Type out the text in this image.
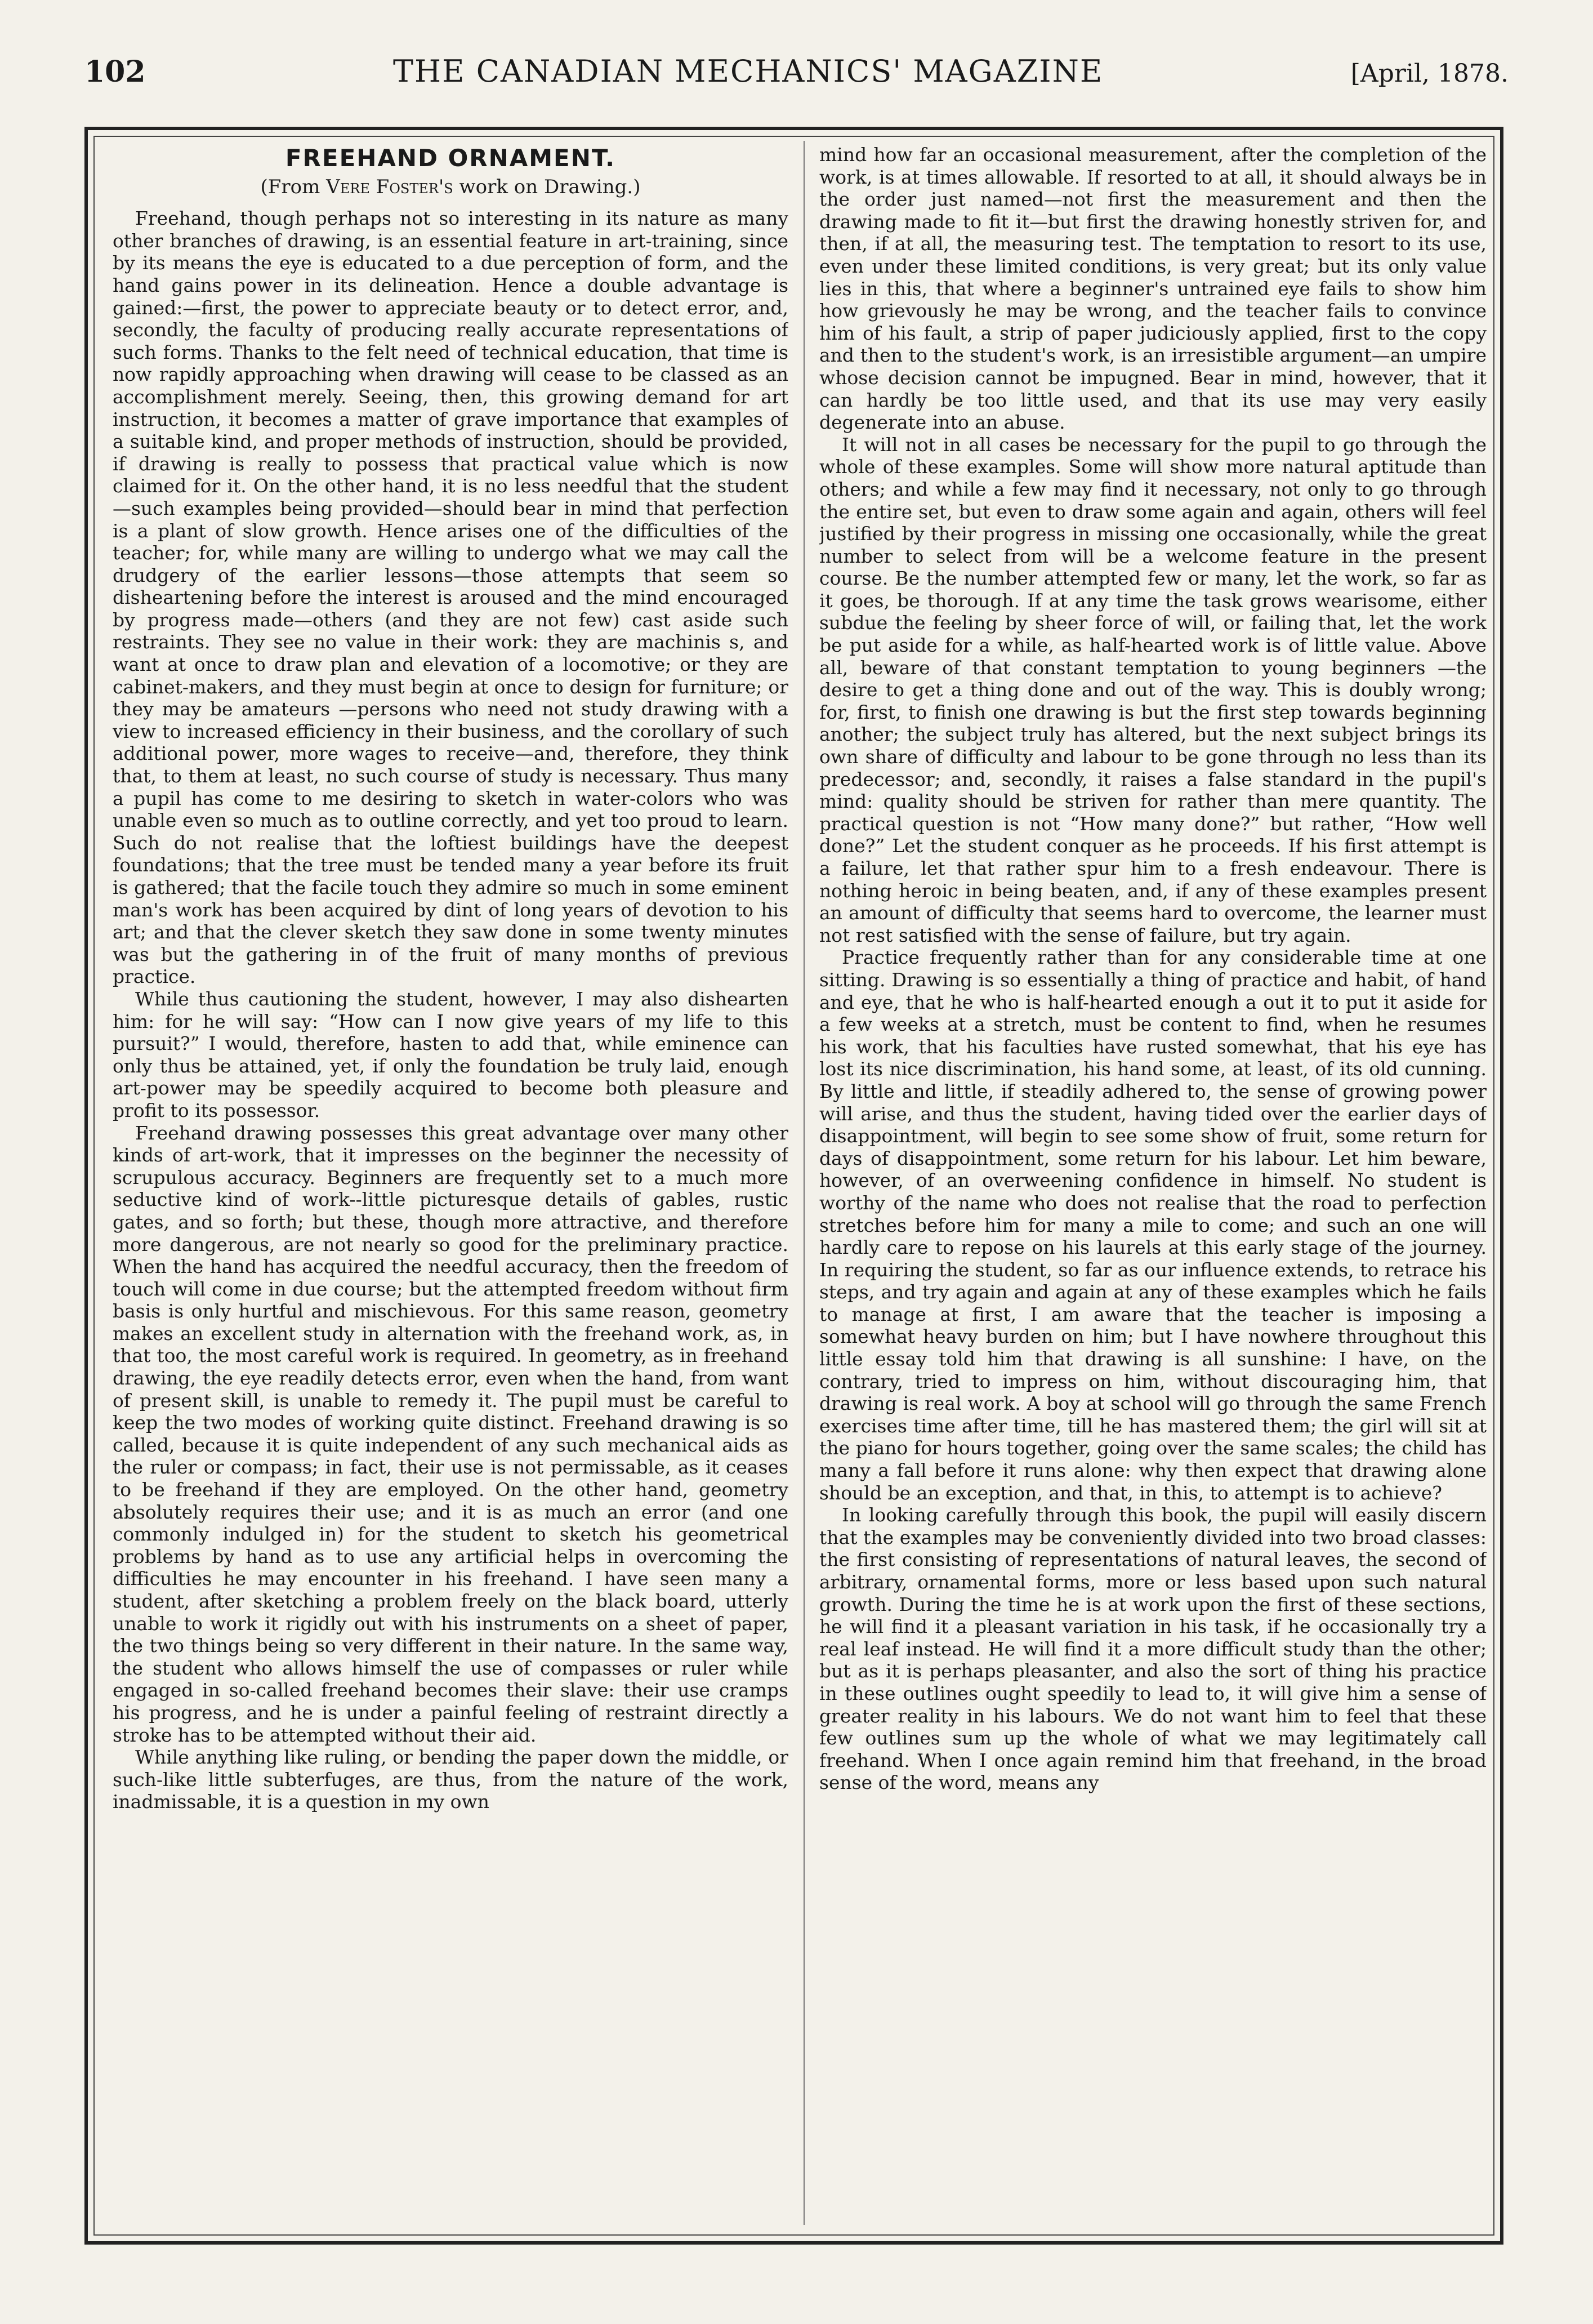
102	THE CANADIAN MECHANICS' MAGAZINE	[April, 1878.
FREEHAND ORNAMENT.
(From Vere Foster's work on Drawing.)

Freehand, though perhaps not so interesting in its nature as many other branches of drawing, is an essential feature in art-training, since by its means the eye is educated to a due perception of form, and the hand gains power in its delineation. Hence a double advantage is gained:—first, the power to appreciate beauty or to detect error, and, secondly, the faculty of producing really accurate representations of such forms. Thanks to the felt need of technical education, that time is now rapidly approaching when drawing will cease to be classed as an accomplishment merely. Seeing, then, this growing demand for art instruction, it becomes a matter of grave importance that examples of a suitable kind, and proper methods of instruction, should be provided, if drawing is really to possess that practical value which is now claimed for it. On the other hand, it is no less needful that the student—such examples being provided—should bear in mind that perfection is a plant of slow growth. Hence arises one of the difficulties of the teacher; for, while many are willing to undergo what we may call the drudgery of the earlier lessons—those attempts that seem so disheartening before the interest is aroused and the mind encouraged by progress made—others (and they are not few) cast aside such restraints. They see no value in their work: they are machinis s, and want at once to draw plan and elevation of a locomotive; or they are cabinet-makers, and they must begin at once to design for furniture; or they may be amateurs —persons who need not study drawing with a view to increased efficiency in their business, and the corollary of such additional power, more wages to receive—and, therefore, they think that, to them at least, no such course of study is necessary. Thus many a pupil has come to me desiring to sketch in water-colors who was unable even so much as to outline correctly, and yet too proud to learn. Such do not realise that the loftiest buildings have the deepest foundations; that the tree must be tended many a year before its fruit is gathered; that the facile touch they admire so much in some eminent man's work has been acquired by dint of long years of devotion to his art; and that the clever sketch they saw done in some twenty minutes was but the gathering in of the fruit of many months of previous practice.

While thus cautioning the student, however, I may also dishearten him: for he will say: “How can I now give years of my life to this pursuit?” I would, therefore, hasten to add that, while eminence can only thus be attained, yet, if only the foundation be truly laid, enough art-power may be speedily acquired to become both pleasure and profit to its possessor.

Freehand drawing possesses this great advantage over many other kinds of art-work, that it impresses on the beginner the necessity of scrupulous accuracy. Beginners are frequently set to a much more seductive kind of work--little picturesque details of gables, rustic gates, and so forth; but these, though more attractive, and therefore more dangerous, are not nearly so good for the preliminary practice. When the hand has acquired the needful accuracy, then the freedom of touch will come in due course; but the attempted freedom without firm basis is only hurtful and mischievous. For this same reason, geometry makes an excellent study in alternation with the freehand work, as, in that too, the most careful work is required. In geometry, as in freehand drawing, the eye readily detects error, even when the hand, from want of present skill, is unable to remedy it. The pupil must be careful to keep the two modes of working quite distinct. Freehand drawing is so called, because it is quite independent of any such mechanical aids as the ruler or compass; in fact, their use is not permissable, as it ceases to be freehand if they are employed. On the other hand, geometry absolutely requires their use; and it is as much an error (and one commonly indulged in) for the student to sketch his geometrical problems by hand as to use any artificial helps in overcoming the difficulties he may encounter in his freehand. I have seen many a student, after sketching a problem freely on the black board, utterly unable to work it rigidly out with his instruments on a sheet of paper, the two things being so very different in their nature. In the same way, the student who allows himself the use of compasses or ruler while engaged in so-called freehand becomes their slave: their use cramps his progress, and he is under a painful feeling of restraint directly a stroke has to be attempted without their aid.

While anything like ruling, or bending the paper down the middle, or such-like little subterfuges, are thus, from the nature of the work, inadmissable, it is a question in my own

mind how far an occasional measurement, after the completion of the work, is at times allowable. If resorted to at all, it should always be in the order just named—not first the measurement and then the drawing made to fit it—but first the drawing honestly striven for, and then, if at all, the measuring test. The temptation to resort to its use, even under these limited conditions, is very great; but its only value lies in this, that where a beginner's untrained eye fails to show him how grievously he may be wrong, and the teacher fails to convince him of his fault, a strip of paper judiciously applied, first to the copy and then to the student's work, is an irresistible argument—an umpire whose decision cannot be impugned. Bear in mind, however, that it can hardly be too little used, and that its use may very easily degenerate into an abuse.

It will not in all cases be necessary for the pupil to go through the whole of these examples. Some will show more natural aptitude than others; and while a few may find it necessary, not only to go through the entire set, but even to draw some again and again, others will feel justified by their progress in missing one occasionally, while the great number to select from will be a welcome feature in the present course. Be the number attempted few or many, let the work, so far as it goes, be thorough. If at any time the task grows wearisome, either subdue the feeling by sheer force of will, or failing that, let the work be put aside for a while, as half-hearted work is of little value. Above all, beware of that constant temptation to young beginners —the desire to get a thing done and out of the way. This is doubly wrong; for, first, to finish one drawing is but the first step towards beginning another; the subject truly has altered, but the next subject brings its own share of difficulty and labour to be gone through no less than its predecessor; and, secondly, it raises a false standard in the pupil's mind: quality should be striven for rather than mere quantity. The practical question is not “How many done?” but rather, “How well done?” Let the student conquer as he proceeds. If his first attempt is a failure, let that rather spur him to a fresh endeavour. There is nothing heroic in being beaten, and, if any of these examples present an amount of difficulty that seems hard to overcome, the learner must not rest satisfied with the sense of failure, but try again.

Practice frequently rather than for any considerable time at one sitting. Drawing is so essentially a thing of practice and habit, of hand and eye, that he who is half-hearted enough a out it to put it aside for a few weeks at a stretch, must be content to find, when he resumes his work, that his faculties have rusted somewhat, that his eye has lost its nice discrimination, his hand some, at least, of its old cunning. By little and little, if steadily adhered to, the sense of growing power will arise, and thus the student, having tided over the earlier days of disappointment, will begin to see some show of fruit, some return for days of disappointment, some return for his labour. Let him beware, however, of an overweening confidence in himself. No student is worthy of the name who does not realise that the road to perfection stretches before him for many a mile to come; and such an one will hardly care to repose on his laurels at this early stage of the journey. In requiring the student, so far as our influence extends, to retrace his steps, and try again and again at any of these examples which he fails to manage at first, I am aware that the teacher is imposing a somewhat heavy burden on him; but I have nowhere throughout this little essay told him that drawing is all sunshine: I have, on the contrary, tried to impress on him, without discouraging him, that drawing is real work. A boy at school will go through the same French exercises time after time, till he has mastered them; the girl will sit at the piano for hours together, going over the same scales; the child has many a fall before it runs alone: why then expect that drawing alone should be an exception, and that, in this, to attempt is to achieve?

In looking carefully through this book, the pupil will easily discern that the examples may be conveniently divided into two broad classes: the first consisting of representations of natural leaves, the second of arbitrary, ornamental forms, more or less based upon such natural growth. During the time he is at work upon the first of these sections, he will find it a pleasant variation in his task, if he occasionally try a real leaf instead. He will find it a more difficult study than the other; but as it is perhaps pleasanter, and also the sort of thing his practice in these outlines ought speedily to lead to, it will give him a sense of greater reality in his labours. We do not want him to feel that these few outlines sum up the whole of what we may legitimately call freehand. When I once again remind him that freehand, in the broad sense of the word, means any
